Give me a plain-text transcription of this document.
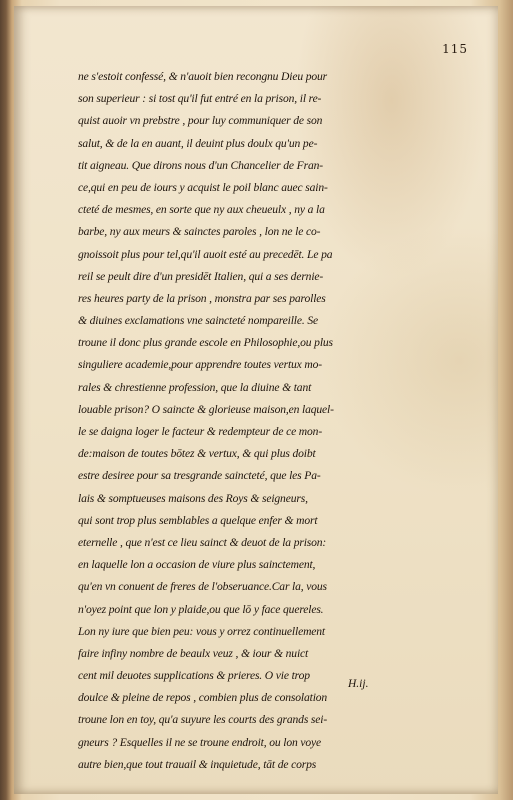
115
ne s'estoit confessé, & n'auoit bien recongnu Dieu pour
son superieur : si tost qu'il fut entré en la prison, il re-
quist auoir vn prebstre , pour luy communiquer de son
salut, & de la en auant, il deuint plus doulx qu'un pe-
tit aigneau. Que dirons nous d'un Chancelier de Fran-
ce,qui en peu de iours y acquist le poil blanc auec sain-
cteté de mesmes, en sorte que ny aux cheueulx , ny a la
barbe, ny aux meurs & sainctes paroles , lon ne le co-
gnoissoit plus pour tel,qu'il auoit esté au precedēt. Le pa
reil se peult dire d'un presidēt Italien, qui a ses dernie-
res heures party de la prison , monstra par ses parolles
& diuines exclamations vne saincteté nompareille. Se
troune il donc plus grande escole en Philosophie,ou plus
singuliere academie,pour apprendre toutes vertux mo-
rales & chrestienne profession, que la diuine & tant
louable prison? O saincte & glorieuse maison,en laquel-
le se daigna loger le facteur & redempteur de ce mon-
de:maison de toutes bōtez & vertux, & qui plus doibt
estre desiree pour sa tresgrande saincteté, que les Pa-
lais & somptueuses maisons des Roys & seigneurs,
qui sont trop plus semblables a quelque enfer & mort
eternelle , que n'est ce lieu sainct & deuot de la prison:
en laquelle lon a occasion de viure plus sainctement,
qu'en vn conuent de freres de l'obseruance.Car la, vous
n'oyez point que lon y plaide,ou que lō y face quereles.
Lon ny iure que bien peu: vous y orrez continuellement
faire infiny nombre de beaulx veuz , & iour & nuict
cent mil deuotes supplications & prieres. O vie trop
doulce & pleine de repos , combien plus de consolation
troune lon en toy, qu'a suyure les courts des grands sei-
gneurs ? Esquelles il ne se troune endroit, ou lon voye
autre bien,que tout trauail & inquietude, tāt de corps
H.ij.
